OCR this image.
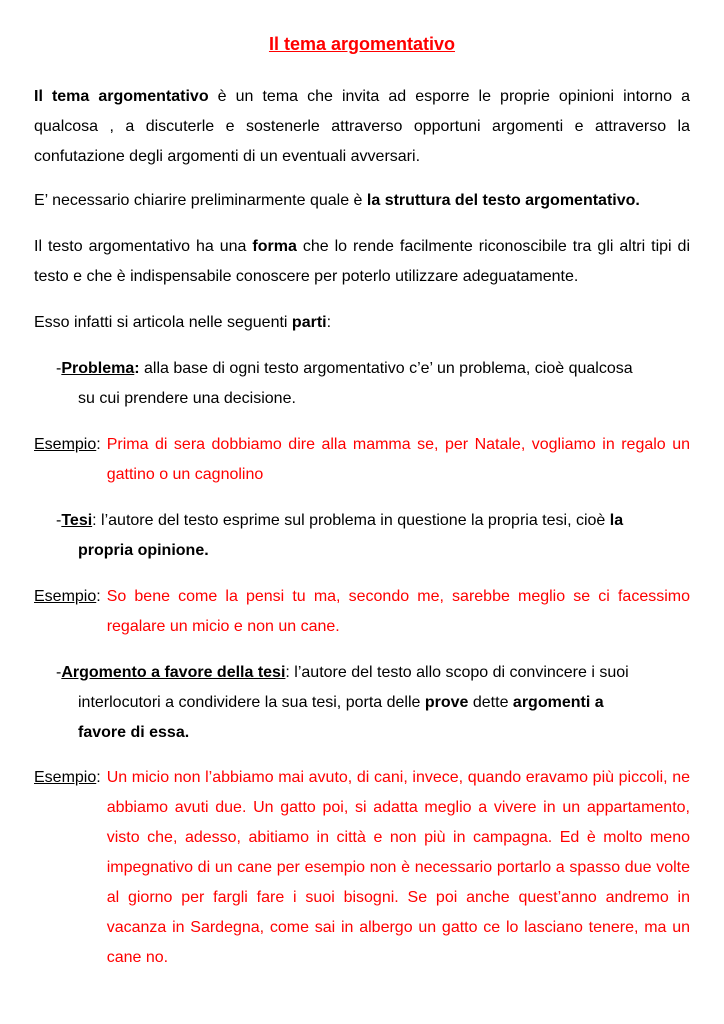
Il tema argomentativo

Il tema argomentativo è un tema che invita ad esporre le proprie opinioni intorno a qualcosa , a discuterle e sostenerle attraverso opportuni argomenti e attraverso la confutazione degli argomenti di un eventuali avversari.

E’ necessario chiarire preliminarmente quale è la struttura del testo argomentativo.

Il testo argomentativo ha una forma che lo rende facilmente riconoscibile tra gli altri tipi di testo e che è indispensabile conoscere per poterlo utilizzare adeguatamente.

Esso infatti si articola nelle seguenti parti:

-Problema: alla base di ogni testo argomentativo c’e’ un problema, cioè qualcosa
su cui prendere una decisione.

Esempio: Prima di sera dobbiamo dire alla mamma se, per Natale, vogliamo in regalo un gattino o un cagnolino

-Tesi: l’autore del testo esprime sul problema in questione la propria tesi, cioè la
propria opinione.

Esempio: So bene come la pensi tu ma, secondo me, sarebbe meglio se ci facessimo regalare un micio e non un cane.

-Argomento a favore della tesi: l’autore del testo allo scopo di convincere i suoi
interlocutori a condividere la sua tesi, porta delle prove dette argomenti a
favore di essa.

Esempio: Un micio non l’abbiamo mai avuto, di cani, invece, quando eravamo più piccoli, ne abbiamo avuti due. Un gatto poi, si adatta meglio a vivere in un appartamento, visto che, adesso, abitiamo in città e non più in campagna. Ed è molto meno impegnativo di un cane per esempio non è necessario portarlo a spasso due volte al giorno per fargli fare i suoi bisogni. Se poi anche quest’anno andremo in vacanza in Sardegna, come sai in albergo un gatto ce lo lasciano tenere, ma un cane no.
